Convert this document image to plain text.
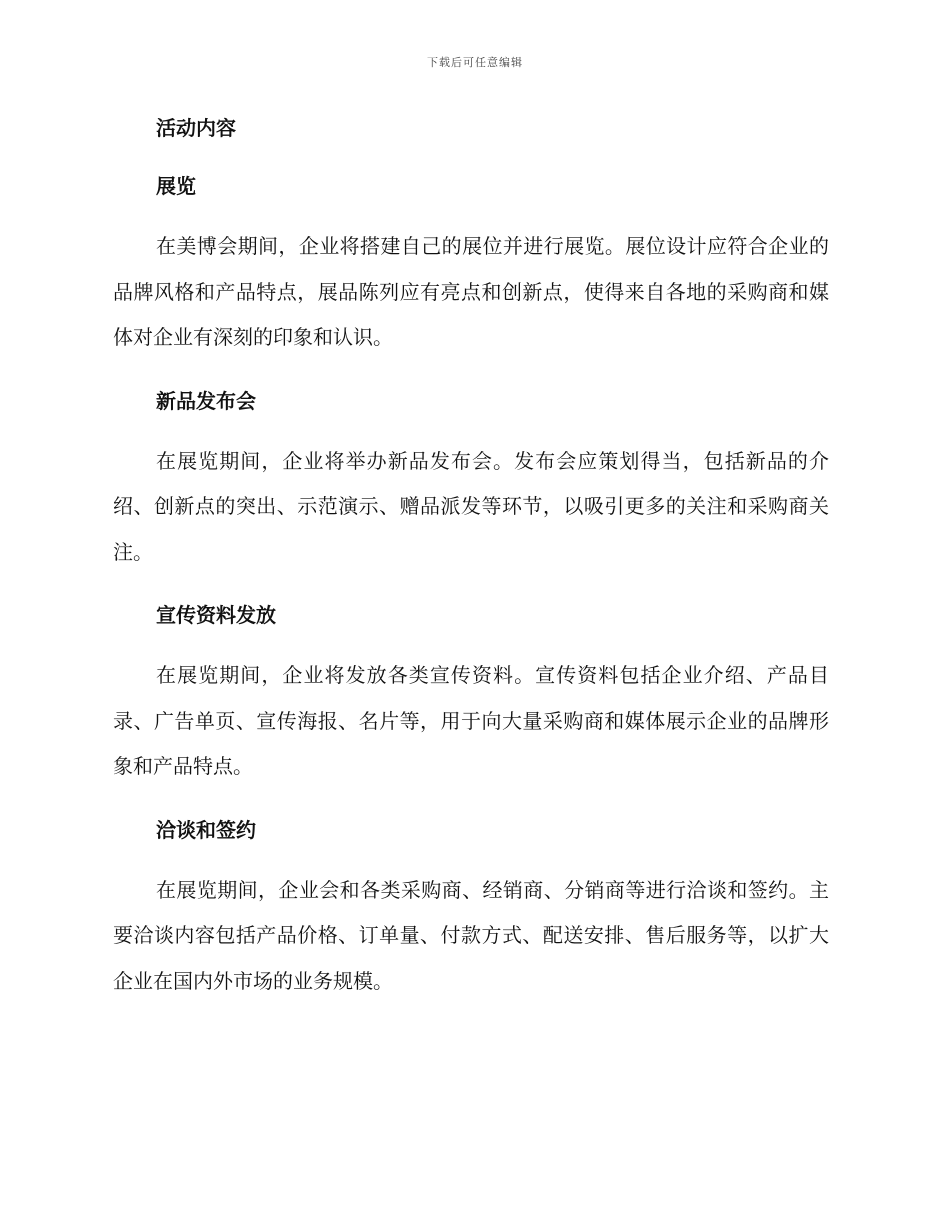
下载后可任意编辑
活动内容
展览

在美博会期间，企业将搭建自己的展位并进行展览。展位设计应符合企业的品牌风格和产品特点，展品陈列应有亮点和创新点，使得来自各地的采购商和媒体对企业有深刻的印象和认识。

新品发布会

在展览期间，企业将举办新品发布会。发布会应策划得当，包括新品的介绍、创新点的突出、示范演示、赠品派发等环节，以吸引更多的关注和采购商关注。

宣传资料发放

在展览期间，企业将发放各类宣传资料。宣传资料包括企业介绍、产品目录、广告单页、宣传海报、名片等，用于向大量采购商和媒体展示企业的品牌形象和产品特点。

洽谈和签约

在展览期间，企业会和各类采购商、经销商、分销商等进行洽谈和签约。主要洽谈内容包括产品价格、订单量、付款方式、配送安排、售后服务等，以扩大企业在国内外市场的业务规模。
